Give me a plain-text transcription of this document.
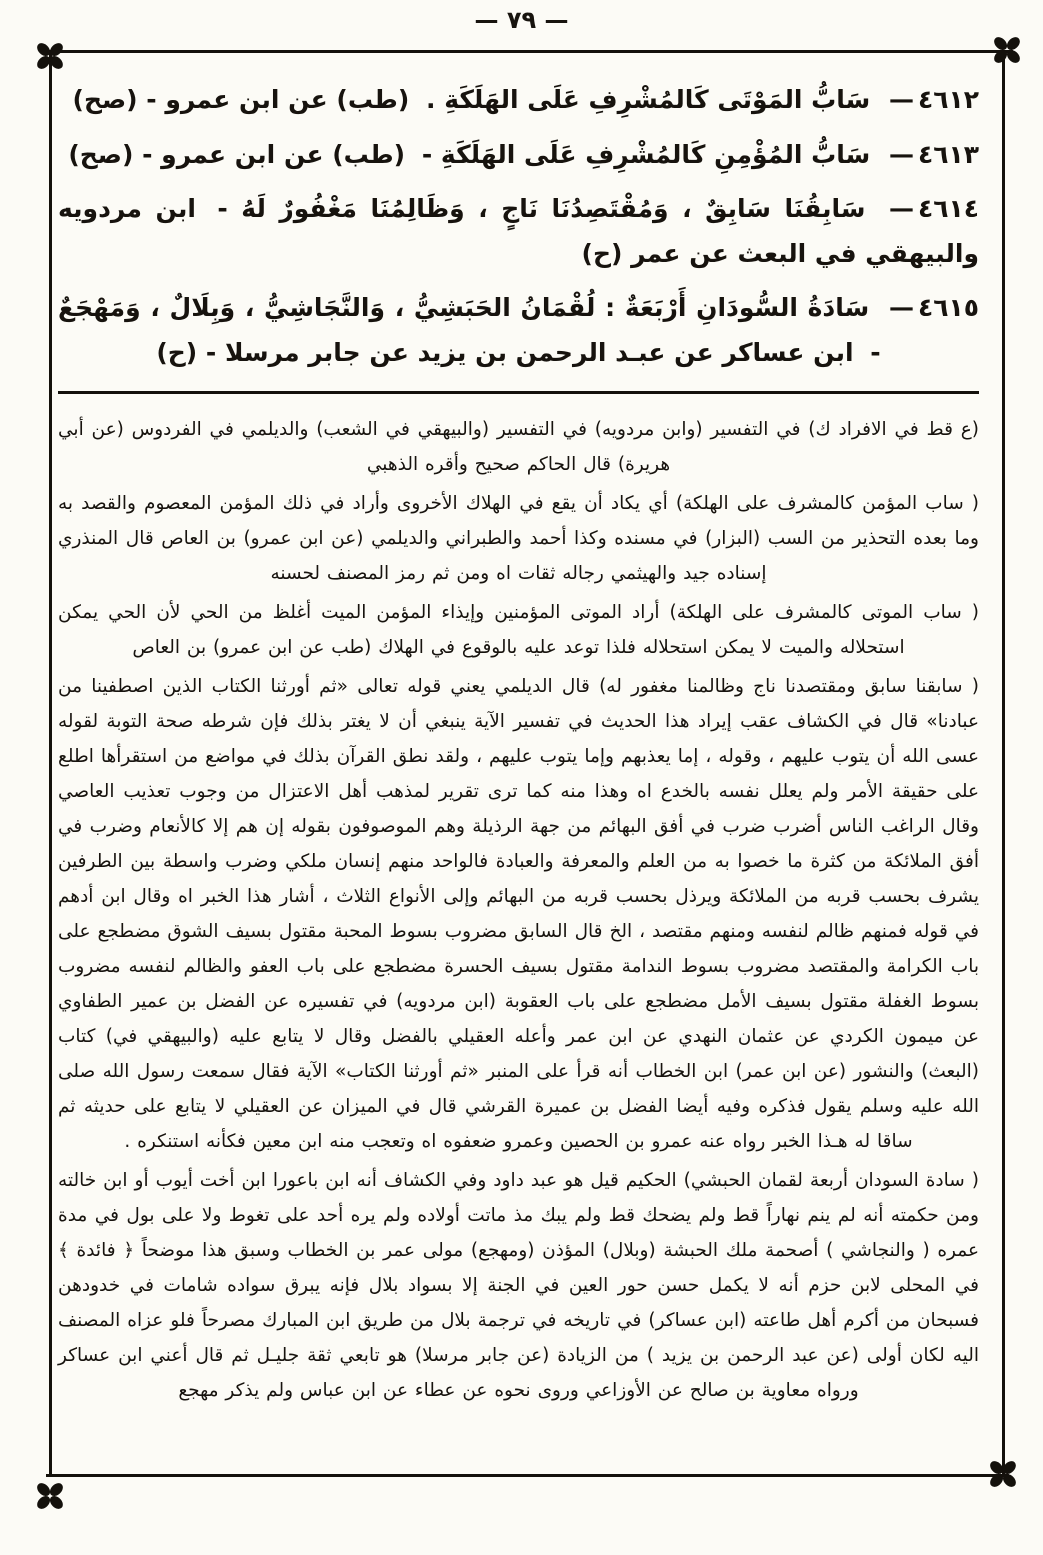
— ٧٩ —

٤٦١٢— سَابُّ المَوْتَى كَالمُشْرِفِ عَلَى الهَلَكَةِ . (طب) عن ابن عمرو - (صح)

٤٦١٣— سَابُّ المُؤْمِنِ كَالمُشْرِفِ عَلَى الهَلَكَةِ - (طب) عن ابن عمرو - (صح)

٤٦١٤— سَابِقُنَا سَابِقٌ ، وَمُقْتَصِدُنَا نَاجٍ ، وَظَالِمُنَا مَغْفُورٌ لَهُ - ابن مردويه والبيهقي في البعث عن عمر (ح)

٤٦١٥— سَادَةُ السُّودَانِ أَرْبَعَةٌ : لُقْمَانُ الحَبَشِيُّ ، وَالنَّجَاشِيُّ ، وَبِلَالٌ ، وَمَهْجَعٌ - ابن عساكر عن عبـد الرحمن بن يزيد عن جابر مرسلا - (ح)

(ع قط في الافراد ك) في التفسير (وابن مردويه) في التفسير (والبيهقي في الشعب) والديلمي في الفردوس (عن أبي هريرة) قال الحاكم صحيح وأقره الذهبي

( ساب المؤمن كالمشرف على الهلكة) أي يكاد أن يقع في الهلاك الأخروى وأراد في ذلك المؤمن المعصوم والقصد به وما بعده التحذير من السب (البزار) في مسنده وكذا أحمد والطبراني والديلمي (عن ابن عمرو) بن العاص قال المنذري إسناده جيد والهيثمي رجاله ثقات اه ومن ثم رمز المصنف لحسنه

( ساب الموتى كالمشرف على الهلكة) أراد الموتى المؤمنين وإيذاء المؤمن الميت أغلظ من الحي لأن الحي يمكن استحلاله والميت لا يمكن استحلاله فلذا توعد عليه بالوقوع في الهلاك (طب عن ابن عمرو) بن العاص

( سابقنا سابق ومقتصدنا ناج وظالمنا مغفور له) قال الديلمي يعني قوله تعالى «ثم أورثنا الكتاب الذين اصطفينا من عبادنا» قال في الكشاف عقب إيراد هذا الحديث في تفسير الآية ينبغي أن لا يغتر بذلك فإن شرطه صحة التوبة لقوله عسى الله أن يتوب عليهم ، وقوله ، إما يعذبهم وإما يتوب عليهم ، ولقد نطق القرآن بذلك في مواضع من استقرأها اطلع على حقيقة الأمر ولم يعلل نفسه بالخدع اه وهذا منه كما ترى تقرير لمذهب أهل الاعتزال من وجوب تعذيب العاصي وقال الراغب الناس أضرب ضرب في أفق البهائم من جهة الرذيلة وهم الموصوفون بقوله إن هم إلا كالأنعام وضرب في أفق الملائكة من كثرة ما خصوا به من العلم والمعرفة والعبادة فالواحد منهم إنسان ملكي وضرب واسطة بين الطرفين يشرف بحسب قربه من الملائكة ويرذل بحسب قربه من البهائم وإلى الأنواع الثلاث ، أشار هذا الخبر اه وقال ابن أدهم في قوله فمنهم ظالم لنفسه ومنهم مقتصد ، الخ قال السابق مضروب بسوط المحبة مقتول بسيف الشوق مضطجع على باب الكرامة والمقتصد مضروب بسوط الندامة مقتول بسيف الحسرة مضطجع على باب العفو والظالم لنفسه مضروب بسوط الغفلة مقتول بسيف الأمل مضطجع على باب العقوبة (ابن مردويه) في تفسيره عن الفضل بن عمير الطفاوي عن ميمون الكردي عن عثمان النهدي عن ابن عمر وأعله العقيلي بالفضل وقال لا يتابع عليه (والبيهقي في) كتاب (البعث) والنشور (عن ابن عمر) ابن الخطاب أنه قرأ على المنبر «ثم أورثنا الكتاب» الآية فقال سمعت رسول الله صلى الله عليه وسلم يقول فذكره وفيه أيضا الفضل بن عميرة القرشي قال في الميزان عن العقيلي لا يتابع على حديثه ثم ساقا له هـذا الخبر رواه عنه عمرو بن الحصين وعمرو ضعفوه اه وتعجب منه ابن معين فكأنه استنكره .

( سادة السودان أربعة لقمان الحبشي) الحكيم قيل هو عبد داود وفي الكشاف أنه ابن باعورا ابن أخت أيوب أو ابن خالته ومن حكمته أنه لم ينم نهاراً قط ولم يضحك قط ولم يبك مذ ماتت أولاده ولم يره أحد على تغوط ولا على بول في مدة عمره ( والنجاشي ) أصحمة ملك الحبشة (وبلال) المؤذن (ومهجع) مولى عمر بن الخطاب وسبق هذا موضحاً ﴿ فائدة ﴾ في المحلى لابن حزم أنه لا يكمل حسن حور العين في الجنة إلا بسواد بلال فإنه يبرق سواده شامات في خدودهن فسبحان من أكرم أهل طاعته (ابن عساكر) في تاريخه في ترجمة بلال من طريق ابن المبارك مصرحاً فلو عزاه المصنف اليه لكان أولى (عن عبد الرحمن بن يزيد ) من الزيادة (عن جابر مرسلا) هو تابعي ثقة جليـل ثم قال أعني ابن عساكر ورواه معاوية بن صالح عن الأوزاعي وروى نحوه عن عطاء عن ابن عباس ولم يذكر مهجع
